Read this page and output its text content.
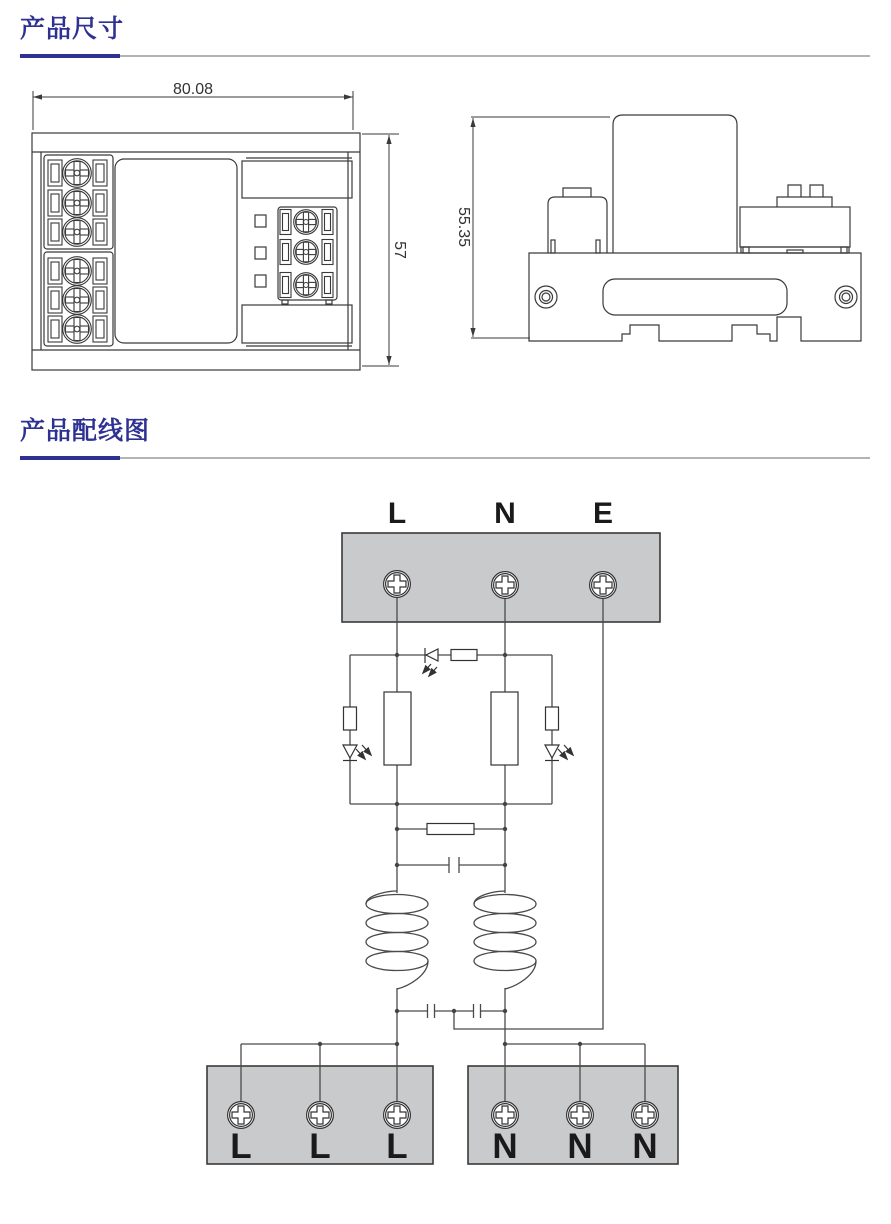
产品尺寸
80.08
57
55.35
产品配线图
L	N	E
L L L N N N
